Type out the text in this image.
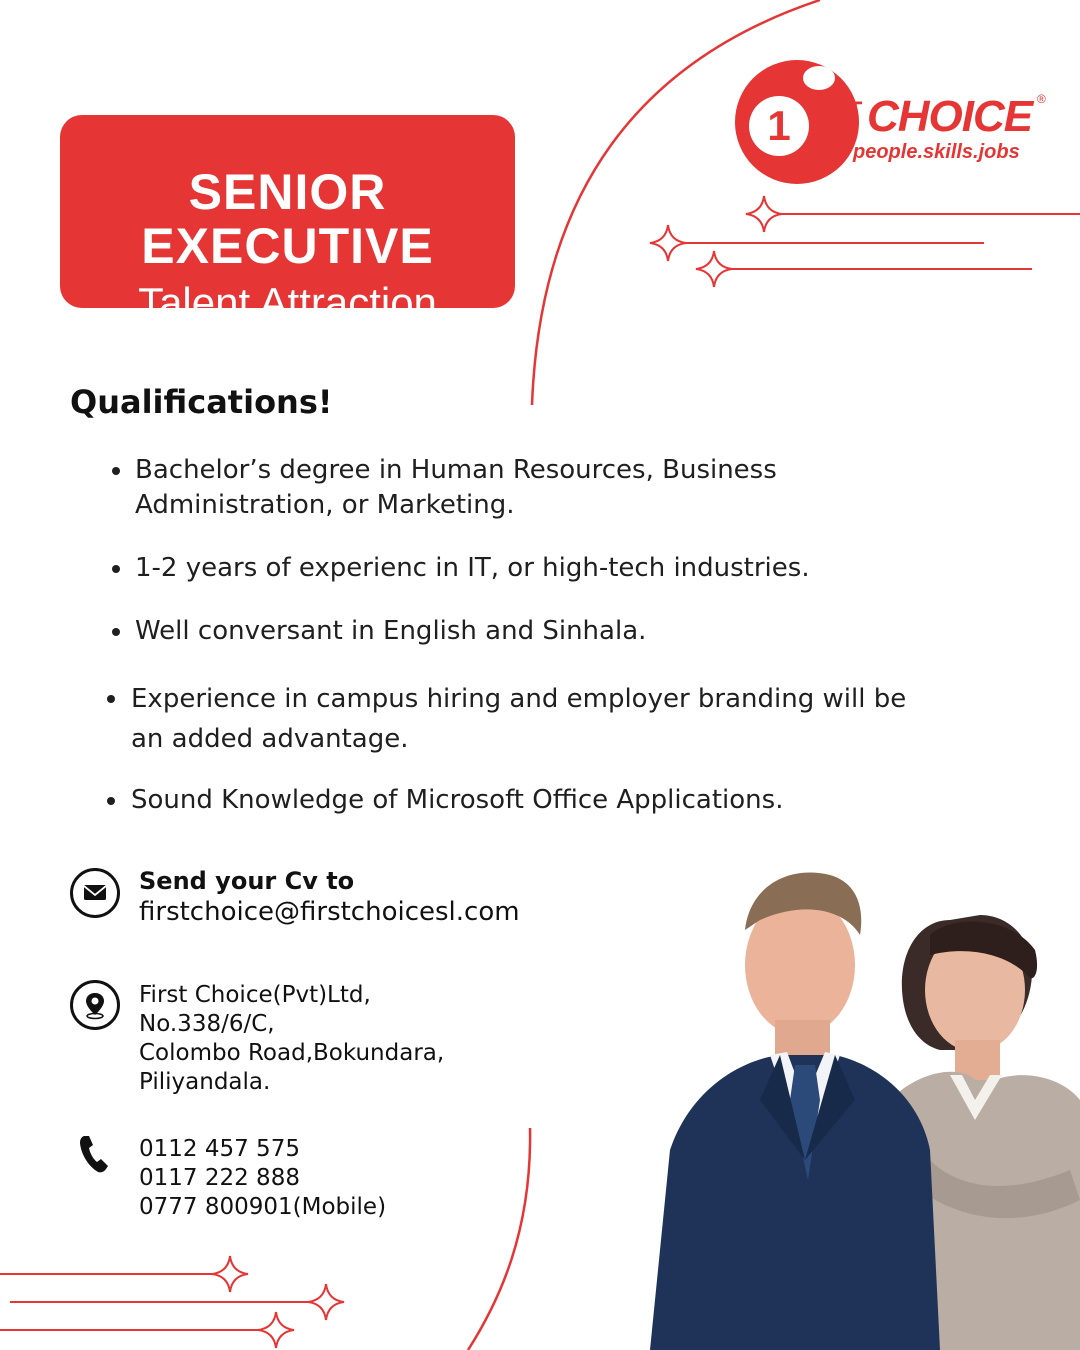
SENIOR EXECUTIVE
Talent Attraction
1 ST CHOICE ®
people.skills.jobs
Qualifications!
Bachelor’s degree in Human Resources, Business
Administration, or Marketing.
1-2 years of experienc in IT, or high-tech industries.
Well conversant in English and Sinhala.
Experience in campus hiring and employer branding will be
an added advantage.
Sound Knowledge of Microsoft Office Applications.
Send your Cv to
firstchoice@firstchoicesl.com
First Choice(Pvt)Ltd,
No.338/6/C,
Colombo Road,Bokundara,
Piliyandala.
0112 457 575
0117 222 888
0777 800901(Mobile)
